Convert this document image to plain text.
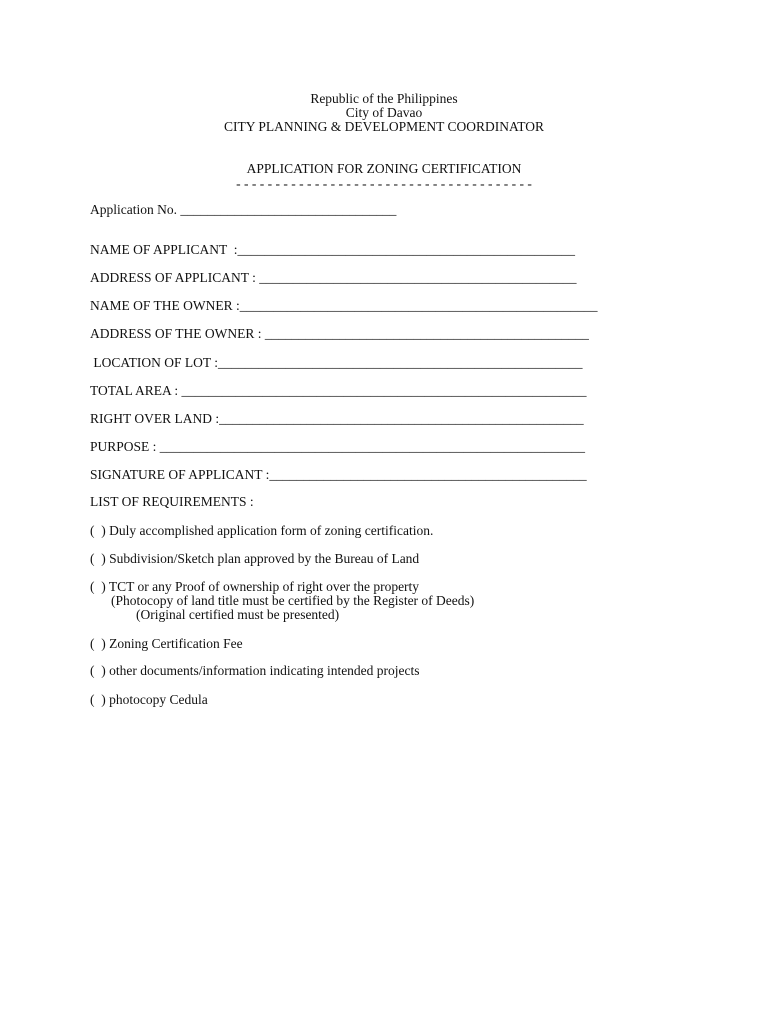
Republic of the Philippines
City of Davao
CITY PLANNING & DEVELOPMENT COORDINATOR
APPLICATION FOR ZONING CERTIFICATION
- - - - - - - - - - - - - - - - - - - - - - - - - - - - - - - - - - - - - -
Application No. ________________________________
NAME OF APPLICANT  :__________________________________________________
ADDRESS OF APPLICANT : _______________________________________________
NAME OF THE OWNER :_____________________________________________________
ADDRESS OF THE OWNER : ________________________________________________
LOCATION OF LOT :______________________________________________________
TOTAL AREA : ____________________________________________________________
RIGHT OVER LAND :______________________________________________________
PURPOSE : _______________________________________________________________
SIGNATURE OF APPLICANT :_______________________________________________
LIST OF REQUIREMENTS :
(  ) Duly accomplished application form of zoning certification.
(  ) Subdivision/Sketch plan approved by the Bureau of Land
(  ) TCT or any Proof of ownership of right over the property
(Photocopy of land title must be certified by the Register of Deeds)
(Original certified must be presented)
(  ) Zoning Certification Fee
(  ) other documents/information indicating intended projects
(  ) photocopy Cedula
